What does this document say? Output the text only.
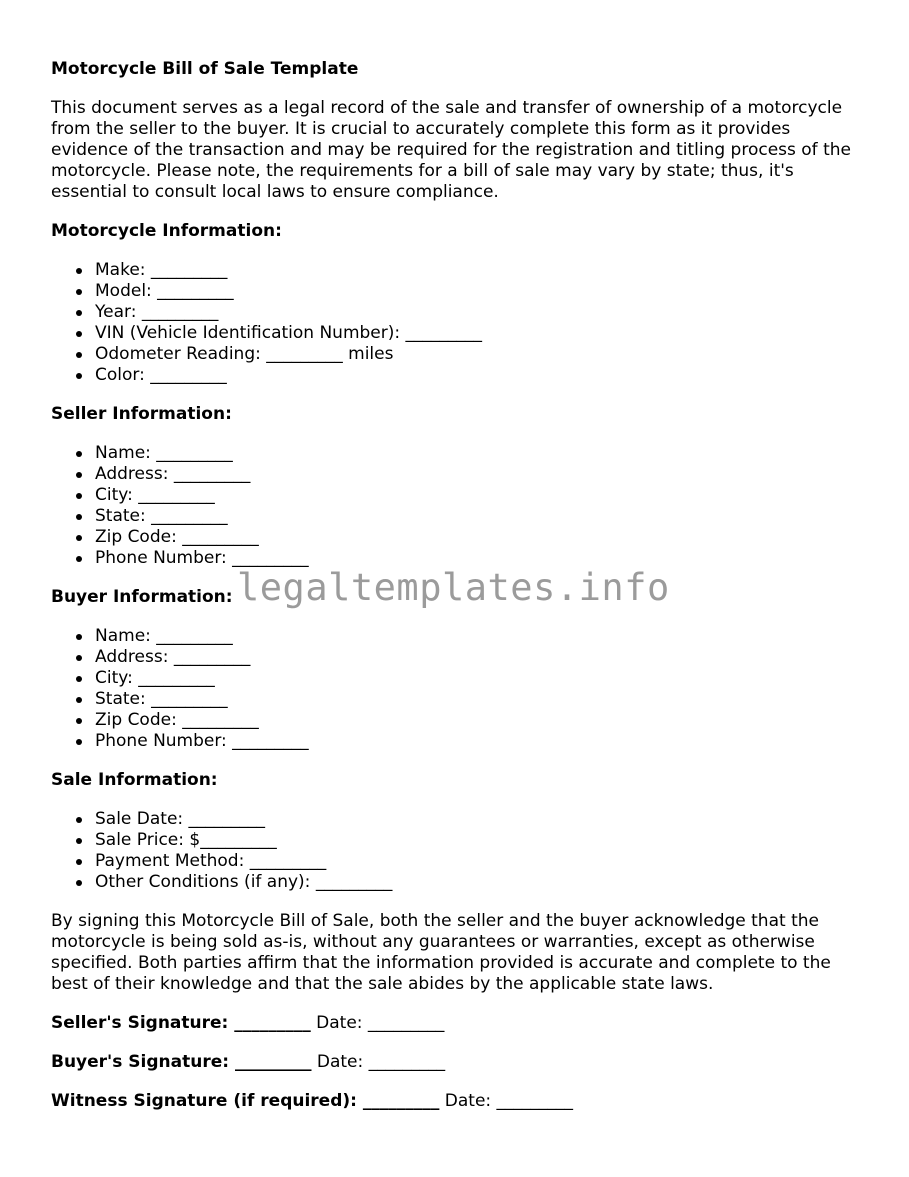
Motorcycle Bill of Sale Template

This document serves as a legal record of the sale and transfer of ownership of a motorcycle from the seller to the buyer. It is crucial to accurately complete this form as it provides evidence of the transaction and may be required for the registration and titling process of the motorcycle. Please note, the requirements for a bill of sale may vary by state; thus, it's essential to consult local laws to ensure compliance.

Motorcycle Information:
Make: _________
Model: _________
Year: _________
VIN (Vehicle Identification Number): _________
Odometer Reading: _________ miles
Color: _________
Seller Information:
Name: _________
Address: _________
City: _________
State: _________
Zip Code: _________
Phone Number: _________
Buyer Information:
Name: _________
Address: _________
City: _________
State: _________
Zip Code: _________
Phone Number: _________
Sale Information:
Sale Date: _________
Sale Price: $_________
Payment Method: _________
Other Conditions (if any): _________

By signing this Motorcycle Bill of Sale, both the seller and the buyer acknowledge that the motorcycle is being sold as-is, without any guarantees or warranties, except as otherwise specified. Both parties affirm that the information provided is accurate and complete to the best of their knowledge and that the sale abides by the applicable state laws.

Seller's Signature: _________ Date: _________
Buyer's Signature: _________ Date: _________
Witness Signature (if required): _________ Date: _________
legaltemplates.info
